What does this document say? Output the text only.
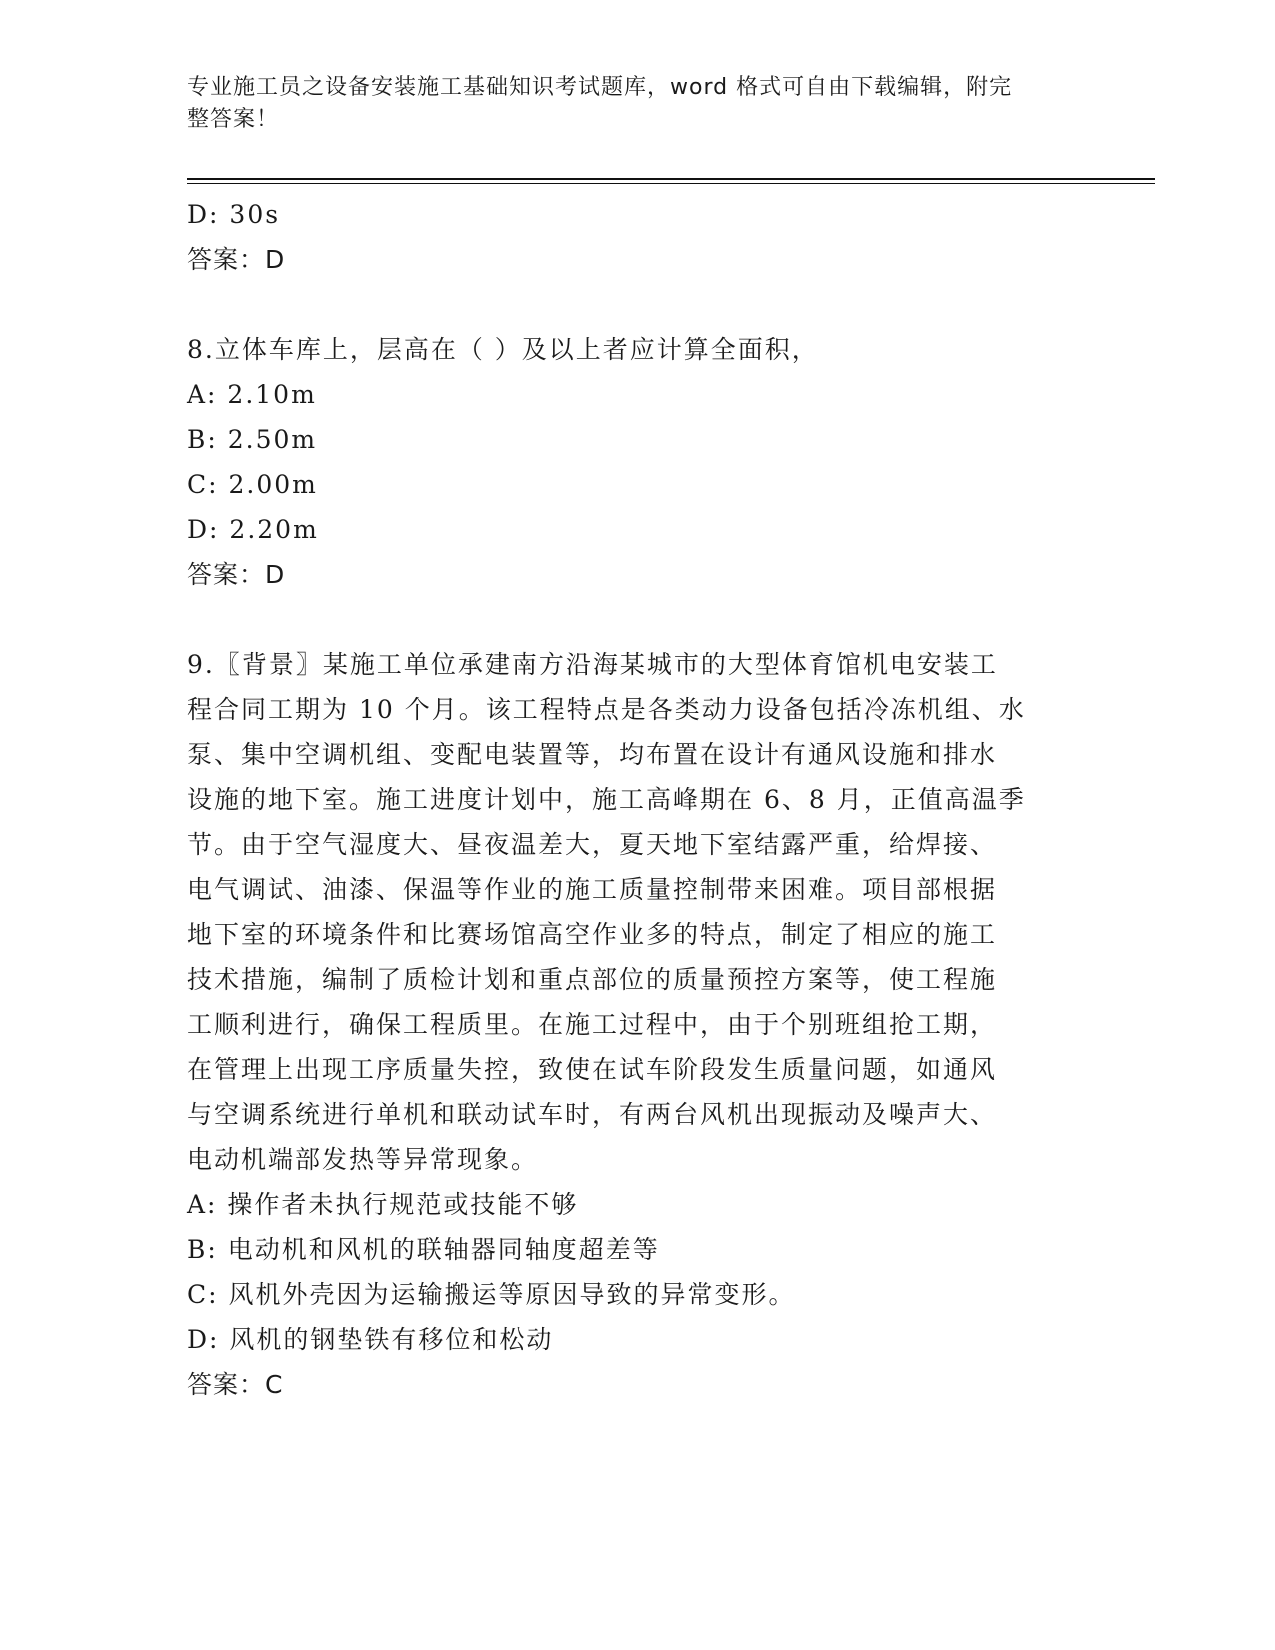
专业施工员之设备安装施工基础知识考试题库，word 格式可自由下载编辑，附完
整答案！
D: 30s
答案：D
8.立体车库上，层高在（ ）及以上者应计算全面积，
A: 2.10m
B: 2.50m
C: 2.00m
D: 2.20m
答案：D
9.〖背景〗某施工单位承建南方沿海某城市的大型体育馆机电安装工
程合同工期为 10 个月。该工程特点是各类动力设备包括冷冻机组、水
泵、集中空调机组、变配电装置等，均布置在设计有通风设施和排水
设施的地下室。施工进度计划中，施工高峰期在 6、8 月，正值高温季
节。由于空气湿度大、昼夜温差大，夏天地下室结露严重，给焊接、
电气调试、油漆、保温等作业的施工质量控制带来困难。项目部根据
地下室的环境条件和比赛场馆高空作业多的特点，制定了相应的施工
技术措施，编制了质检计划和重点部位的质量预控方案等，使工程施
工顺利进行，确保工程质里。在施工过程中，由于个别班组抢工期，
在管理上出现工序质量失控，致使在试车阶段发生质量问题，如通风
与空调系统进行单机和联动试车时，有两台风机出现振动及噪声大、
电动机端部发热等异常现象。
A: 操作者未执行规范或技能不够
B: 电动机和风机的联轴器同轴度超差等
C: 风机外壳因为运输搬运等原因导致的异常变形。
D: 风机的钢垫铁有移位和松动
答案：C
